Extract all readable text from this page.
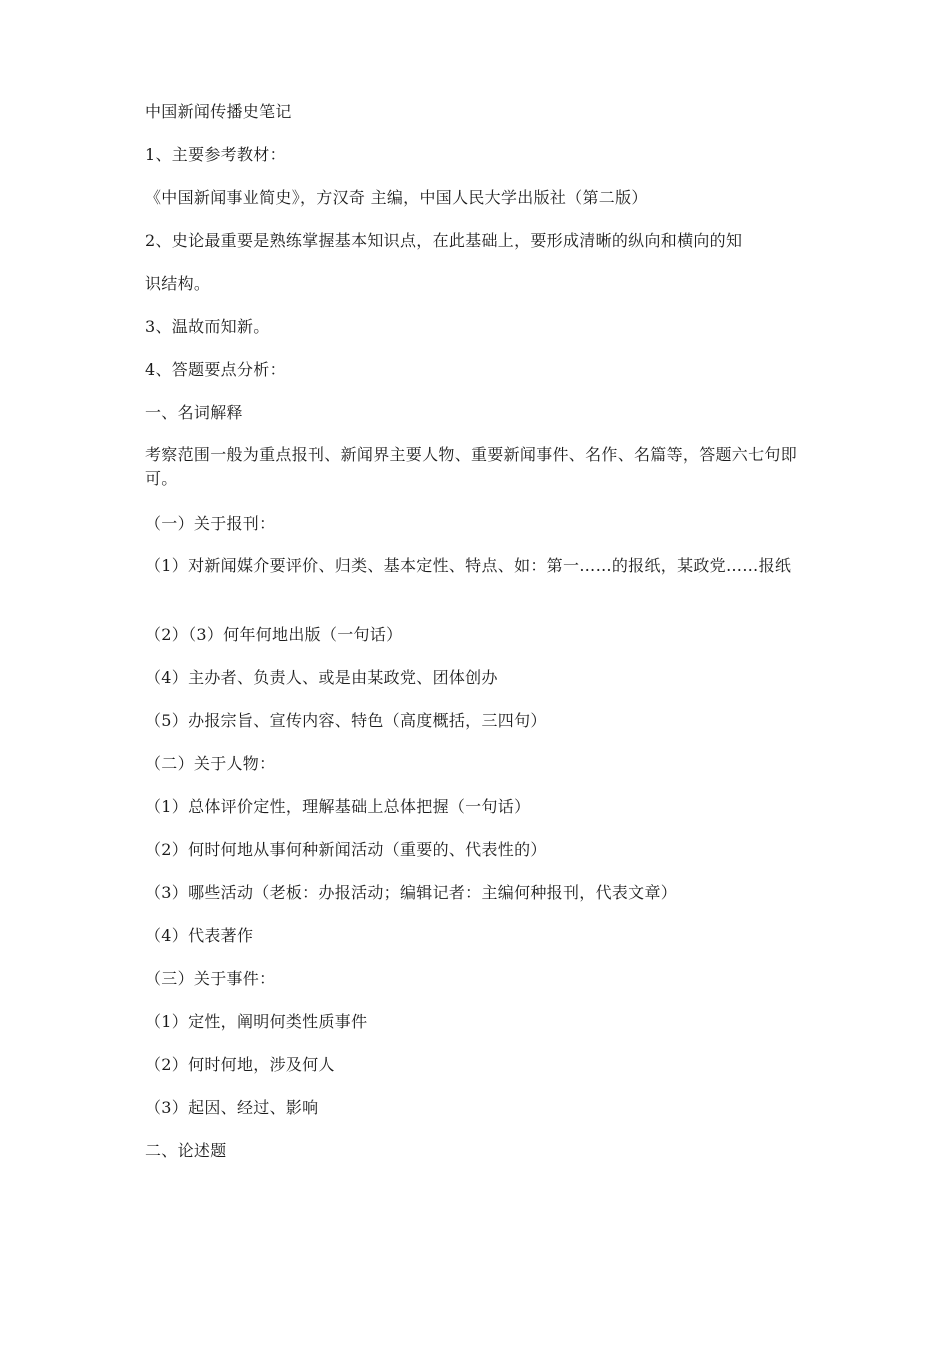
中国新闻传播史笔记
1、主要参考教材：
《中国新闻事业简史》，方汉奇 主编，中国人民大学出版社（第二版）
2、史论最重要是熟练掌握基本知识点，在此基础上，要形成清晰的纵向和横向的知
识结构。
3、温故而知新。
4、答题要点分析：
一、名词解释
考察范围一般为重点报刊、新闻界主要人物、重要新闻事件、名作、名篇等，答题六七句即可。
（一）关于报刊：
（1）对新闻媒介要评价、归类、基本定性、特点、如：第一……的报纸，某政党……报纸
（2）（3）何年何地出版（一句话）
（4）主办者、负责人、或是由某政党、团体创办
（5）办报宗旨、宣传内容、特色（高度概括，三四句）
（二）关于人物：
（1）总体评价定性，理解基础上总体把握（一句话）
（2）何时何地从事何种新闻活动（重要的、代表性的）
（3）哪些活动（老板：办报活动；编辑记者：主编何种报刊，代表文章）
（4）代表著作
（三）关于事件：
（1）定性，阐明何类性质事件
（2）何时何地，涉及何人
（3）起因、经过、影响
二、论述题
